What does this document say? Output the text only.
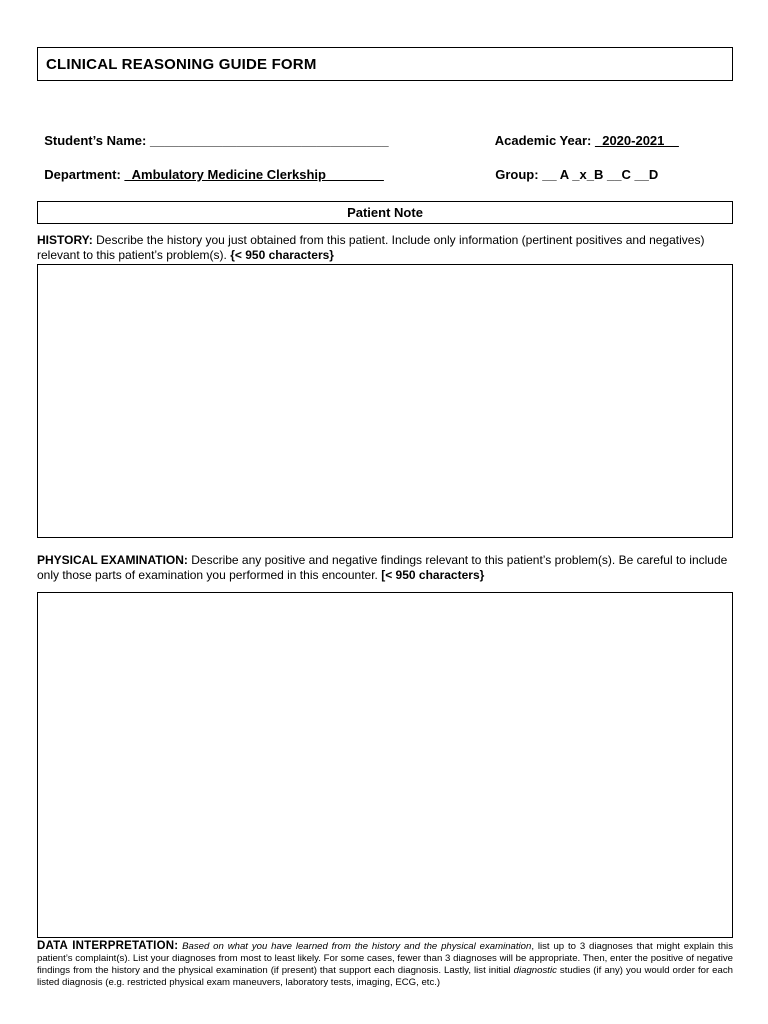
CLINICAL REASONING GUIDE FORM

Student’s Name: _________________________________	Academic Year: _2020-2021__

Department: _Ambulatory Medicine Clerkship________	Group: __ A _x_B __C __D

Patient Note
HISTORY: Describe the history you just obtained from this patient. Include only information (pertinent positives and negatives) relevant to this patient’s problem(s). {< 950 characters}
PHYSICAL EXAMINATION: Describe any positive and negative findings relevant to this patient’s problem(s). Be careful to include only those parts of examination you performed in this encounter. [< 950 characters}
DATA INTERPRETATION: Based on what you have learned from the history and the physical examination, list up to 3 diagnoses that might explain this patient’s complaint(s). List your diagnoses from most to least likely. For some cases, fewer than 3 diagnoses will be appropriate. Then, enter the positive of negative findings from the history and the physical examination (if present) that support each diagnosis. Lastly, list initial diagnostic studies (if any) you would order for each listed diagnosis (e.g. restricted physical exam maneuvers, laboratory tests, imaging, ECG, etc.)
